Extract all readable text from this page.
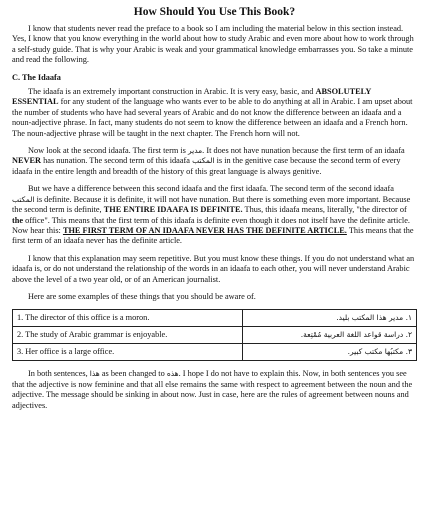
How Should You Use This Book?

I know that students never read the preface to a book so I am including the material below in this section instead. Yes, I know that you know everything in the world about how to study Arabic and even more about how to work through a self-study guide. That is why your Arabic is weak and your grammatical knowledge embarrasses you. So take a minute and read the following.

C. The Idaafa

The idaafa is an extremely important construction in Arabic. It is very easy, basic, and ABSOLUTELY ESSENTIAL for any student of the language who wants ever to be able to do anything at all in Arabic. I am upset about the number of students who have had several years of Arabic and do not know the difference between an idaafa and a noun-adjective phrase. In fact, many students do not seem to know the difference between an idaafa and a French horn. The noun-adjective phrase will be taught in the next chapter. The French horn will not.

Now look at the second idaafa. The first term is مدير. It does not have nunation because the first term of an idaafa NEVER has nunation. The second term of this idaafa المكتب is in the genitive case because the second term of every idaafa in the entire length and breadth of the history of this great language is always genitive.

But we have a difference between this second idaafa and the first idaafa. The second term of the second idaafa المكتب is definite. Because it is definite, it will not have nunation. But there is something even more important. Because the second term is definite, THE ENTIRE IDAAFA IS DEFINITE. Thus, this idaafa means, literally, "the director of the office". This means that the first term of this idaafa is definite even though it does not itself have the definite article. Now hear this: THE FIRST TERM OF AN IDAAFA NEVER HAS THE DEFINITE ARTICLE. This means that the first term of an idaafa never has the definite article.

I know that this explanation may seem repetitive. But you must know these things. If you do not understand what an idaafa is, or do not understand the relationship of the words in an idaafa to each other, you will never understand Arabic above the level of a two year old, or of an American journalist.

Here are some examples of these things that you should be aware of.

1. The director of this office is a moron.	١. مدير هذا المكتب بليد.
2. The study of Arabic grammar is enjoyable.	٢. دراسة قواعد اللغة العربية مُمْتِعة.
3. Her office is a large office.	٣. مكتبُها مكتب كبير.

In both sentences, هذا as been changed to هذه. I hope I do not have to explain this. Now, in both sentences you see that the adjective is now feminine and that all else remains the same with respect to agreement between the noun and the adjective. The message should be sinking in about now. Just in case, here are the rules of agreement between nouns and adjectives.
